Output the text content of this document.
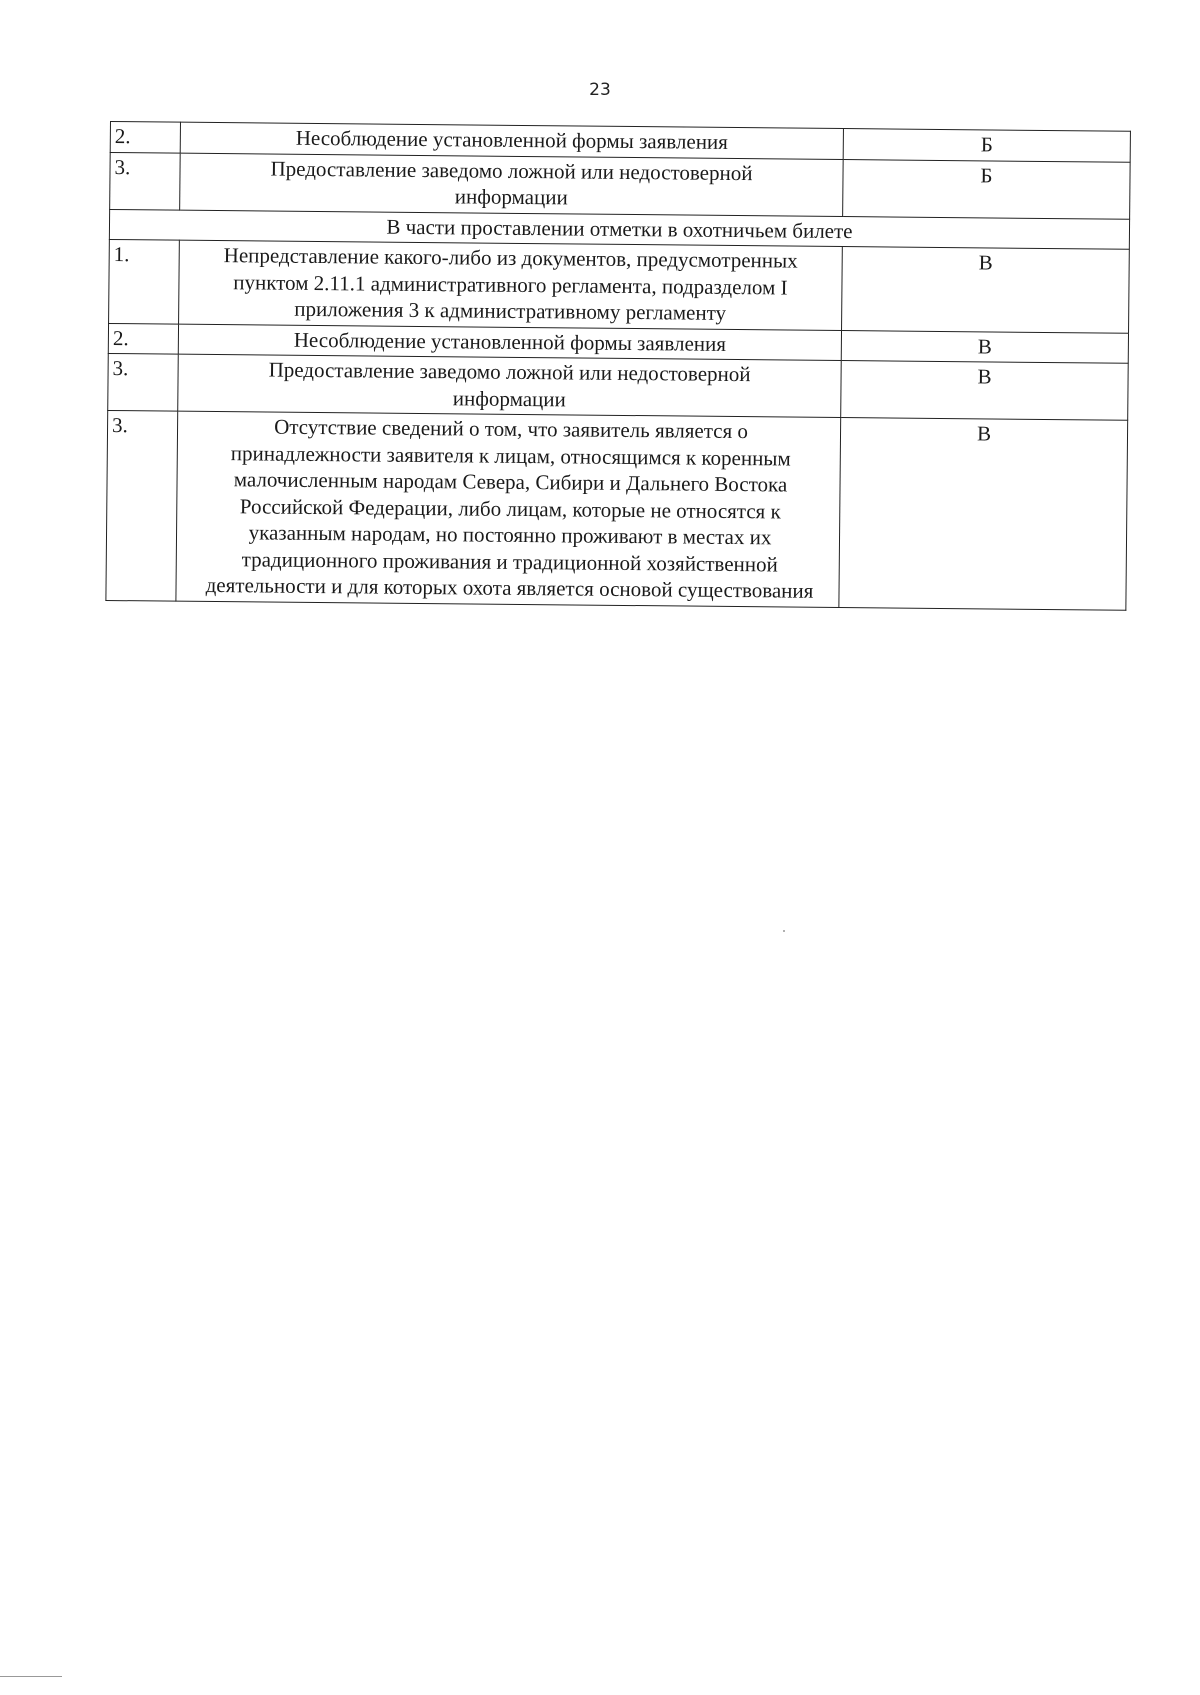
23
2.	Несоблюдение установленной формы заявления	Б
3.	Предоставление заведомо ложной или недостоверной информации	Б
В части проставлении отметки в охотничьем билете		
1.	Непредставление какого-либо из документов, предусмотренных пунктом 2.11.1 административного регламента, подразделом I приложения 3 к административному регламенту	В
2.	Несоблюдение установленной формы заявления	В
3.	Предоставление заведомо ложной или недостоверной информации	В
3.	Отсутствие сведений о том, что заявитель является о принадлежности заявителя к лицам, относящимся к коренным малочисленным народам Севера, Сибири и Дальнего Востока Российской Федерации, либо лицам, которые не относятся к указанным народам, но постоянно проживают в местах их традиционного проживания и традиционной хозяйственной деятельности и для которых охота является основой существования	В
